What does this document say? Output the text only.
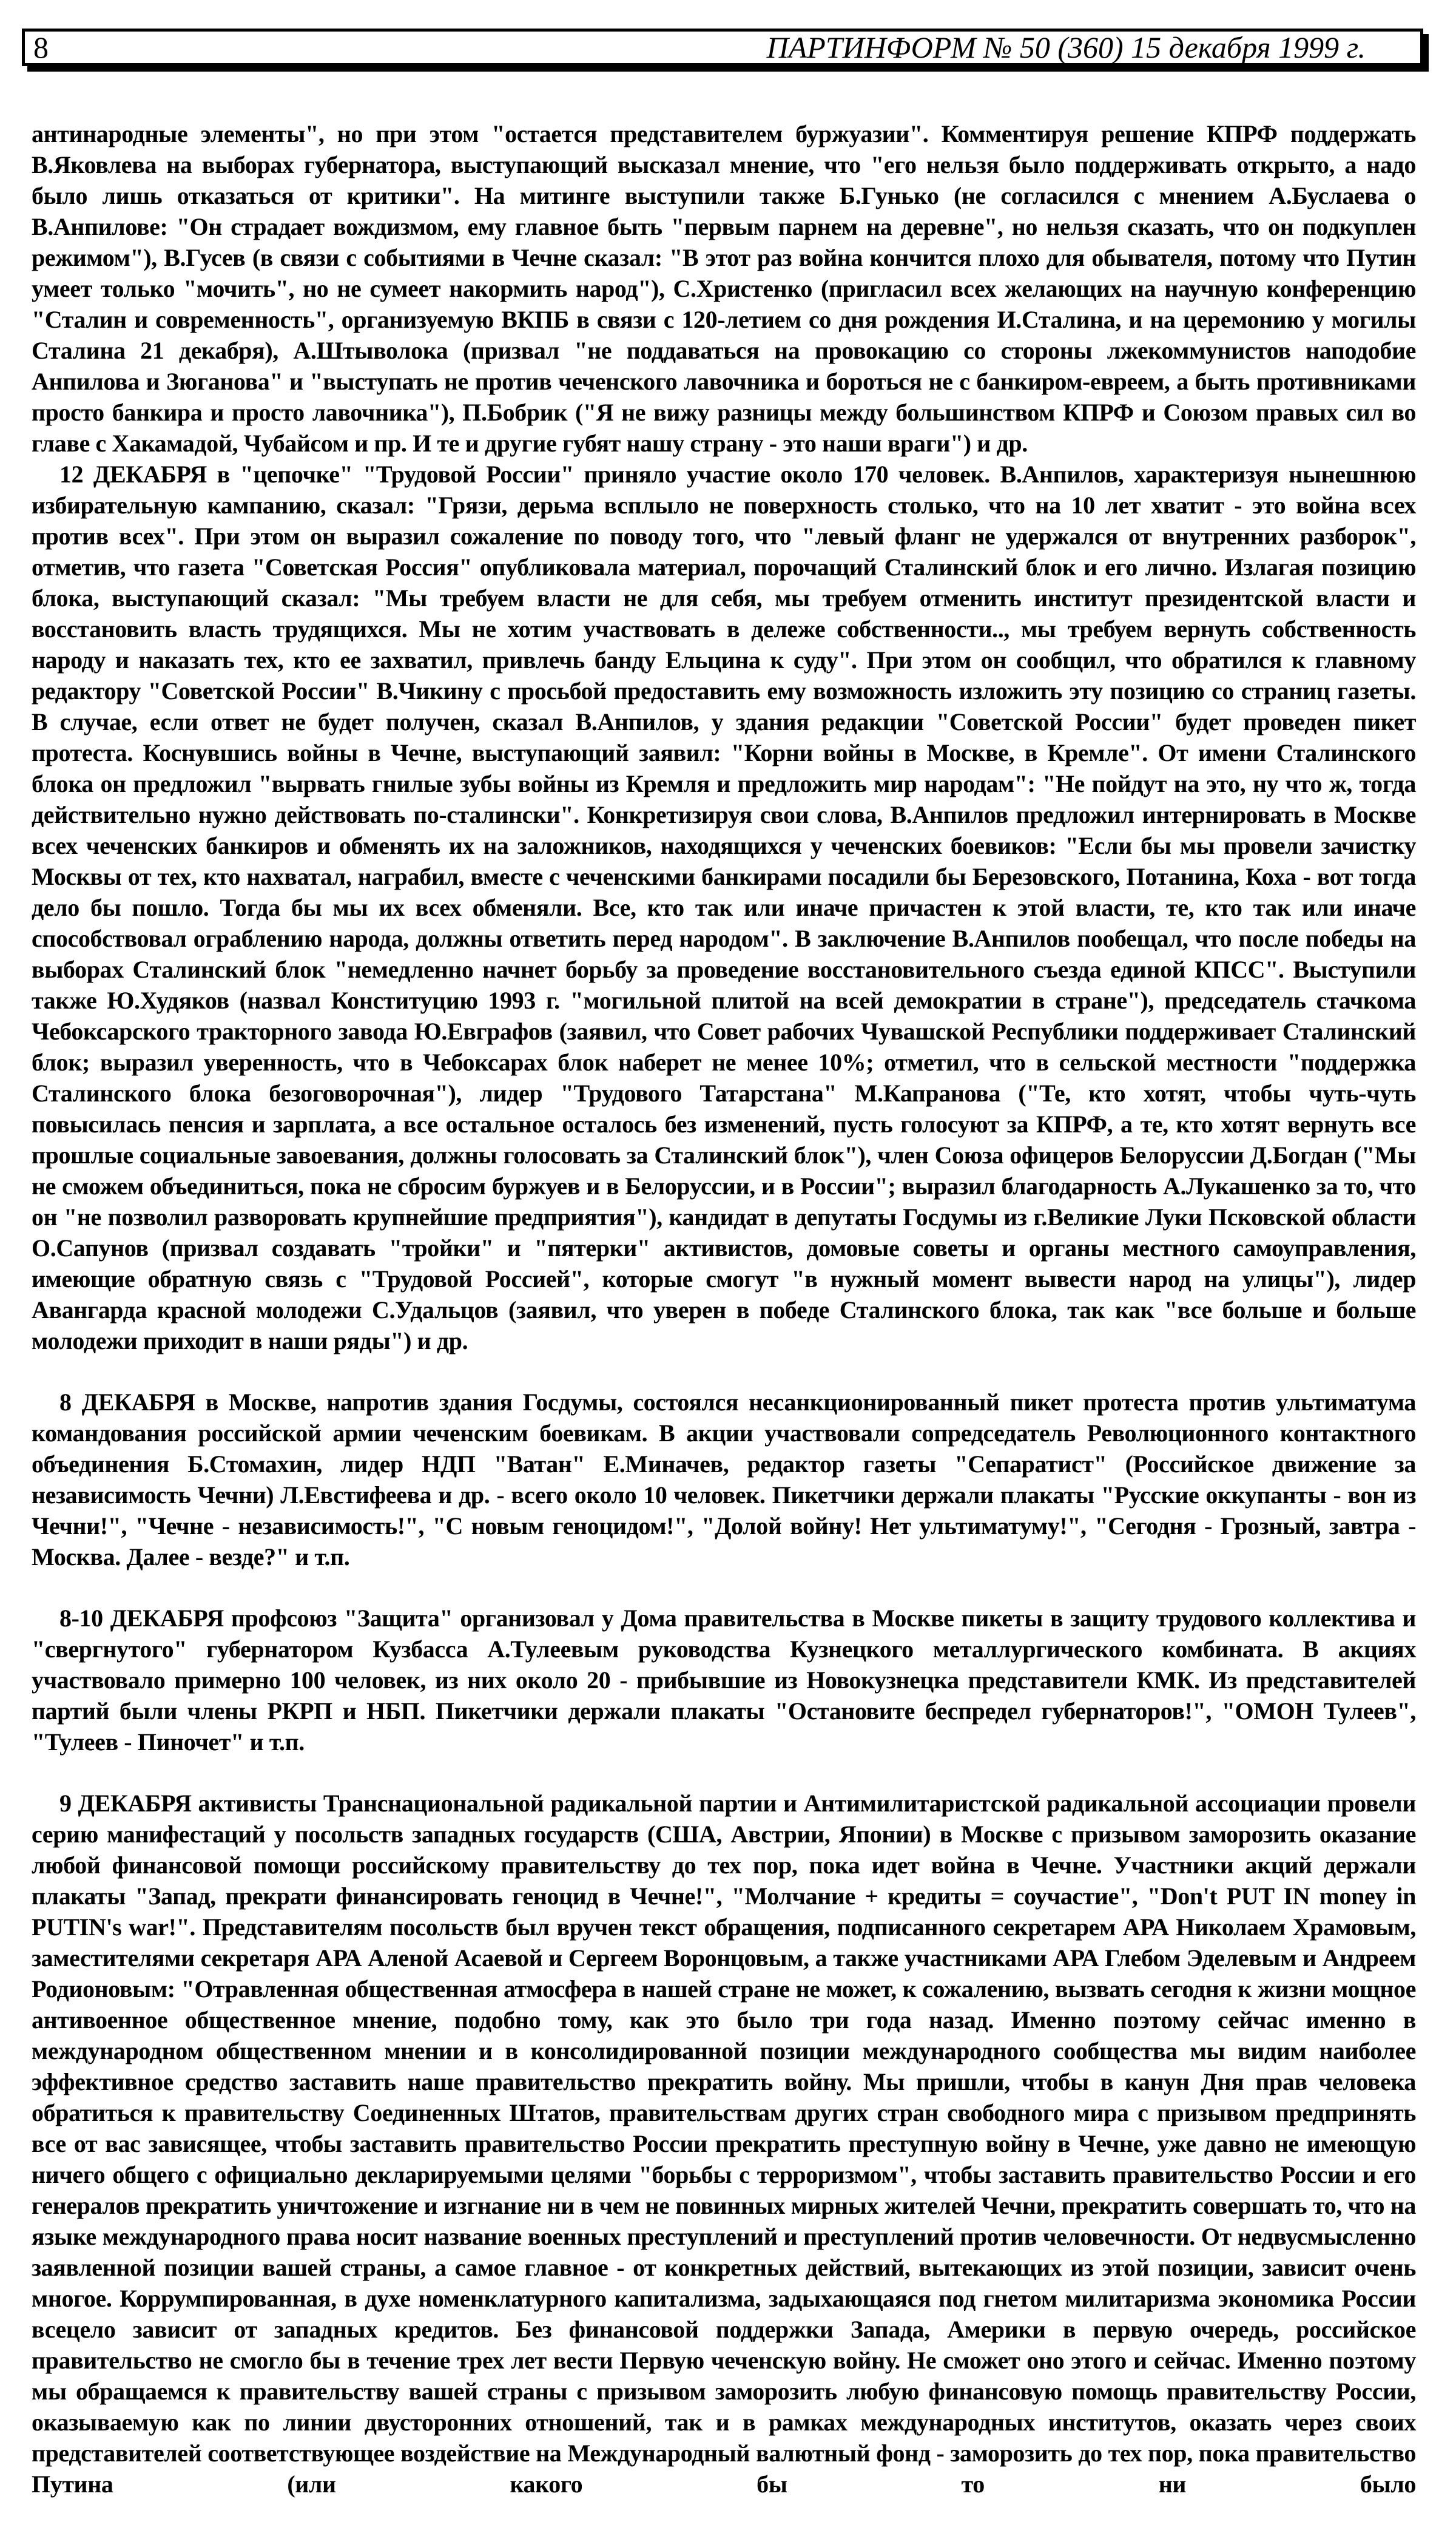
8	ПАРТИНФОРМ № 50 (360) 15 декабря 1999 г.

антинародные элементы", но при этом "остается представителем буржуазии". Комментируя решение КПРФ поддержать В.Яковлева на выборах губернатора, выступающий высказал мнение, что "его нельзя было поддерживать открыто, а надо было лишь отказаться от критики". На митинге выступили также Б.Гунько (не согласился с мнением А.Буслаева о В.Анпилове: "Он страдает вождизмом, ему главное быть "первым парнем на деревне", но нельзя сказать, что он подкуплен режимом"), В.Гусев (в связи с событиями в Чечне сказал: "В этот раз война кончится плохо для обывателя, потому что Путин умеет только "мочить", но не сумеет накормить народ"), С.Христенко (пригласил всех желающих на научную конференцию "Сталин и современность", организуемую ВКПБ в связи с 120-летием со дня рождения И.Сталина, и на церемонию у могилы Сталина 21 декабря), А.Штыволока (призвал "не поддаваться на провокацию со стороны лжекоммунистов наподобие Анпилова и Зюганова" и "выступать не против чеченского лавочника и бороться не с банкиром-евреем, а быть противниками просто банкира и просто лавочника"), П.Бобрик ("Я не вижу разницы между большинством КПРФ и Союзом правых сил во главе с Хакамадой, Чубайсом и пр. И те и другие губят нашу страну - это наши враги") и др.

12 ДЕКАБРЯ в "цепочке" "Трудовой России" приняло участие около 170 человек. В.Анпилов, характеризуя нынешнюю избирательную кампанию, сказал: "Грязи, дерьма всплыло не поверхность столько, что на 10 лет хватит - это война всех против всех". При этом он выразил сожаление по поводу того, что "левый фланг не удержался от внутренних разборок", отметив, что газета "Советская Россия" опубликовала материал, порочащий Сталинский блок и его лично. Излагая позицию блока, выступающий сказал: "Мы требуем власти не для себя, мы требуем отменить институт президентской власти и восстановить власть трудящихся. Мы не хотим участвовать в дележе собственности.., мы требуем вернуть собственность народу и наказать тех, кто ее захватил, привлечь банду Ельцина к суду". При этом он сообщил, что обратился к главному редактору "Советской России" В.Чикину с просьбой предоставить ему возможность изложить эту позицию со страниц газеты. В случае, если ответ не будет получен, сказал В.Анпилов, у здания редакции "Советской России" будет проведен пикет протеста. Коснувшись войны в Чечне, выступающий заявил: "Корни войны в Москве, в Кремле". От имени Сталинского блока он предложил "вырвать гнилые зубы войны из Кремля и предложить мир народам": "Не пойдут на это, ну что ж, тогда действительно нужно действовать по-сталински". Конкретизируя свои слова, В.Анпилов предложил интернировать в Москве всех чеченских банкиров и обменять их на заложников, находящихся у чеченских боевиков: "Если бы мы провели зачистку Москвы от тех, кто нахватал, награбил, вместе с чеченскими банкирами посадили бы Березовского, Потанина, Коха - вот тогда дело бы пошло. Тогда бы мы их всех обменяли. Все, кто так или иначе причастен к этой власти, те, кто так или иначе способствовал ограблению народа, должны ответить перед народом". В заключение В.Анпилов пообещал, что после победы на выборах Сталинский блок "немедленно начнет борьбу за проведение восстановительного съезда единой КПСС". Выступили также Ю.Худяков (назвал Конституцию 1993 г. "могильной плитой на всей демократии в стране"), председатель стачкома Чебоксарского тракторного завода Ю.Евграфов (заявил, что Совет рабочих Чувашской Республики поддерживает Сталинский блок; выразил уверенность, что в Чебоксарах блок наберет не менее 10%; отметил, что в сельской местности "поддержка Сталинского блока безоговорочная"), лидер "Трудового Татарстана" М.Капранова ("Те, кто хотят, чтобы чуть-чуть повысилась пенсия и зарплата, а все остальное осталось без изменений, пусть голосуют за КПРФ, а те, кто хотят вернуть все прошлые социальные завоевания, должны голосовать за Сталинский блок"), член Союза офицеров Белоруссии Д.Богдан ("Мы не сможем объединиться, пока не сбросим буржуев и в Белоруссии, и в России"; выразил благодарность А.Лукашенко за то, что он "не позволил разворовать крупнейшие предприятия"), кандидат в депутаты Госдумы из г.Великие Луки Псковской области О.Сапунов (призвал создавать "тройки" и "пятерки" активистов, домовые советы и органы местного самоуправления, имеющие обратную связь с "Трудовой Россией", которые смогут "в нужный момент вывести народ на улицы"), лидер Авангарда красной молодежи С.Удальцов (заявил, что уверен в победе Сталинского блока, так как "все больше и больше молодежи приходит в наши ряды") и др.

8 ДЕКАБРЯ в Москве, напротив здания Госдумы, состоялся несанкционированный пикет протеста против ультиматума командования российской армии чеченским боевикам. В акции участвовали сопредседатель Революционного контактного объединения Б.Стомахин, лидер НДП "Ватан" Е.Миначев, редактор газеты "Сепаратист" (Российское движение за независимость Чечни) Л.Евстифеева и др. - всего около 10 человек. Пикетчики держали плакаты "Русские оккупанты - вон из Чечни!", "Чечне - независимость!", "С новым геноцидом!", "Долой войну! Нет ультиматуму!", "Сегодня - Грозный, завтра - Москва. Далее - везде?" и т.п.

8-10 ДЕКАБРЯ профсоюз "Защита" организовал у Дома правительства в Москве пикеты в защиту трудового коллектива и "свергнутого" губернатором Кузбасса А.Тулеевым руководства Кузнецкого металлургического комбината. В акциях участвовало примерно 100 человек, из них около 20 - прибывшие из Новокузнецка представители КМК. Из представителей партий были члены РКРП и НБП. Пикетчики держали плакаты "Остановите беспредел губернаторов!", "ОМОН Тулеев", "Тулеев - Пиночет" и т.п.

9 ДЕКАБРЯ активисты Транснациональной радикальной партии и Антимилитаристской радикальной ассоциации провели серию манифестаций у посольств западных государств (США, Австрии, Японии) в Москве с призывом заморозить оказание любой финансовой помощи российскому правительству до тех пор, пока идет война в Чечне. Участники акций держали плакаты "Запад, прекрати финансировать геноцид в Чечне!", "Молчание + кредиты = соучастие", "Don't PUT IN money in PUTIN's war!". Представителям посольств был вручен текст обращения, подписанного секретарем АРА Николаем Храмовым, заместителями секретаря АРА Аленой Асаевой и Сергеем Воронцовым, а также участниками АРА Глебом Эделевым и Андреем Родионовым: "Отравленная общественная атмосфера в нашей стране не может, к сожалению, вызвать сегодня к жизни мощное антивоенное общественное мнение, подобно тому, как это было три года назад. Именно поэтому сейчас именно в международном общественном мнении и в консолидированной позиции международного сообщества мы видим наиболее эффективное средство заставить наше правительство прекратить войну. Мы пришли, чтобы в канун Дня прав человека обратиться к правительству Соединенных Штатов, правительствам других стран свободного мира с призывом предпринять все от вас зависящее, чтобы заставить правительство России прекратить преступную войну в Чечне, уже давно не имеющую ничего общего с официально декларируемыми целями "борьбы с терроризмом", чтобы заставить правительство России и его генералов прекратить уничтожение и изгнание ни в чем не повинных мирных жителей Чечни, прекратить совершать то, что на языке международного права носит название военных преступлений и преступлений против человечности. От недвусмысленно заявленной позиции вашей страны, а самое главное - от конкретных действий, вытекающих из этой позиции, зависит очень многое. Коррумпированная, в духе номенклатурного капитализма, задыхающаяся под гнетом милитаризма экономика России всецело зависит от западных кредитов. Без финансовой поддержки Запада, Америки в первую очередь, российское правительство не смогло бы в течение трех лет вести Первую чеченскую войну. Не сможет оно этого и сейчас. Именно поэтому мы обращаемся к правительству вашей страны с призывом заморозить любую финансовую помощь правительству России, оказываемую как по линии двусторонних отношений, так и в рамках международных институтов, оказать через своих представителей соответствующее воздействие на Международный валютный фонд - заморозить до тех пор, пока правительство Путина (или какого бы то ни было
